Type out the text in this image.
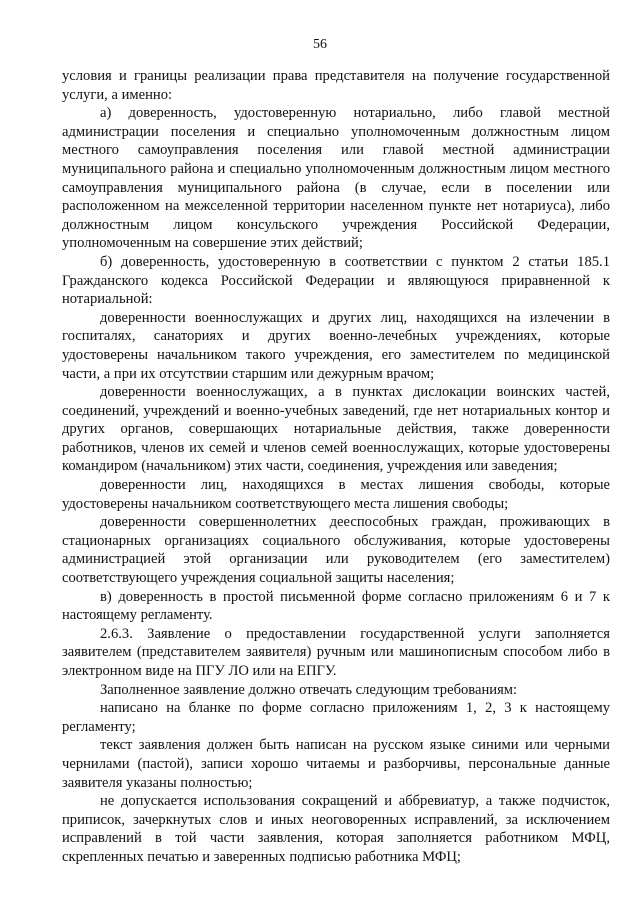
56

условия и границы реализации права представителя на получение государственной услуги, а именно:

а) доверенность, удостоверенную нотариально, либо главой местной администрации поселения и специально уполномоченным должностным лицом местного самоуправления поселения или главой местной администрации муниципального района и специально уполномоченным должностным лицом местного самоуправления муниципального района (в случае, если в поселении или расположенном на межселенной территории населенном пункте нет нотариуса), либо должностным лицом консульского учреждения Российской Федерации, уполномоченным на совершение этих действий;

б) доверенность, удостоверенную в соответствии с пунктом 2 статьи 185.1 Гражданского кодекса Российской Федерации и являющуюся приравненной к нотариальной:

доверенности военнослужащих и других лиц, находящихся на излечении в госпиталях, санаториях и других военно-лечебных учреждениях, которые удостоверены начальником такого учреждения, его заместителем по медицинской части, а при их отсутствии старшим или дежурным врачом;

доверенности военнослужащих, а в пунктах дислокации воинских частей, соединений, учреждений и военно-учебных заведений, где нет нотариальных контор и других органов, совершающих нотариальные действия, также доверенности работников, членов их семей и членов семей военнослужащих, которые удостоверены командиром (начальником) этих части, соединения, учреждения или заведения;

доверенности лиц, находящихся в местах лишения свободы, которые удостоверены начальником соответствующего места лишения свободы;

доверенности совершеннолетних дееспособных граждан, проживающих в стационарных организациях социального обслуживания, которые удостоверены администрацией этой организации или руководителем (его заместителем) соответствующего учреждения социальной защиты населения;

в) доверенность в простой письменной форме согласно приложениям 6 и 7 к настоящему регламенту.

2.6.3. Заявление о предоставлении государственной услуги заполняется заявителем (представителем заявителя) ручным или машинописным способом либо в электронном виде на ПГУ ЛО или на ЕПГУ.

Заполненное заявление должно отвечать следующим требованиям:

написано на бланке по форме согласно приложениям 1, 2, 3 к настоящему регламенту;

текст заявления должен быть написан на русском языке синими или черными чернилами (пастой), записи хорошо читаемы и разборчивы, персональные данные заявителя указаны полностью;

не допускается использования сокращений и аббревиатур, а также подчисток, приписок, зачеркнутых слов и иных неоговоренных исправлений, за исключением исправлений в той части заявления, которая заполняется работником МФЦ, скрепленных печатью и заверенных подписью работника МФЦ;
